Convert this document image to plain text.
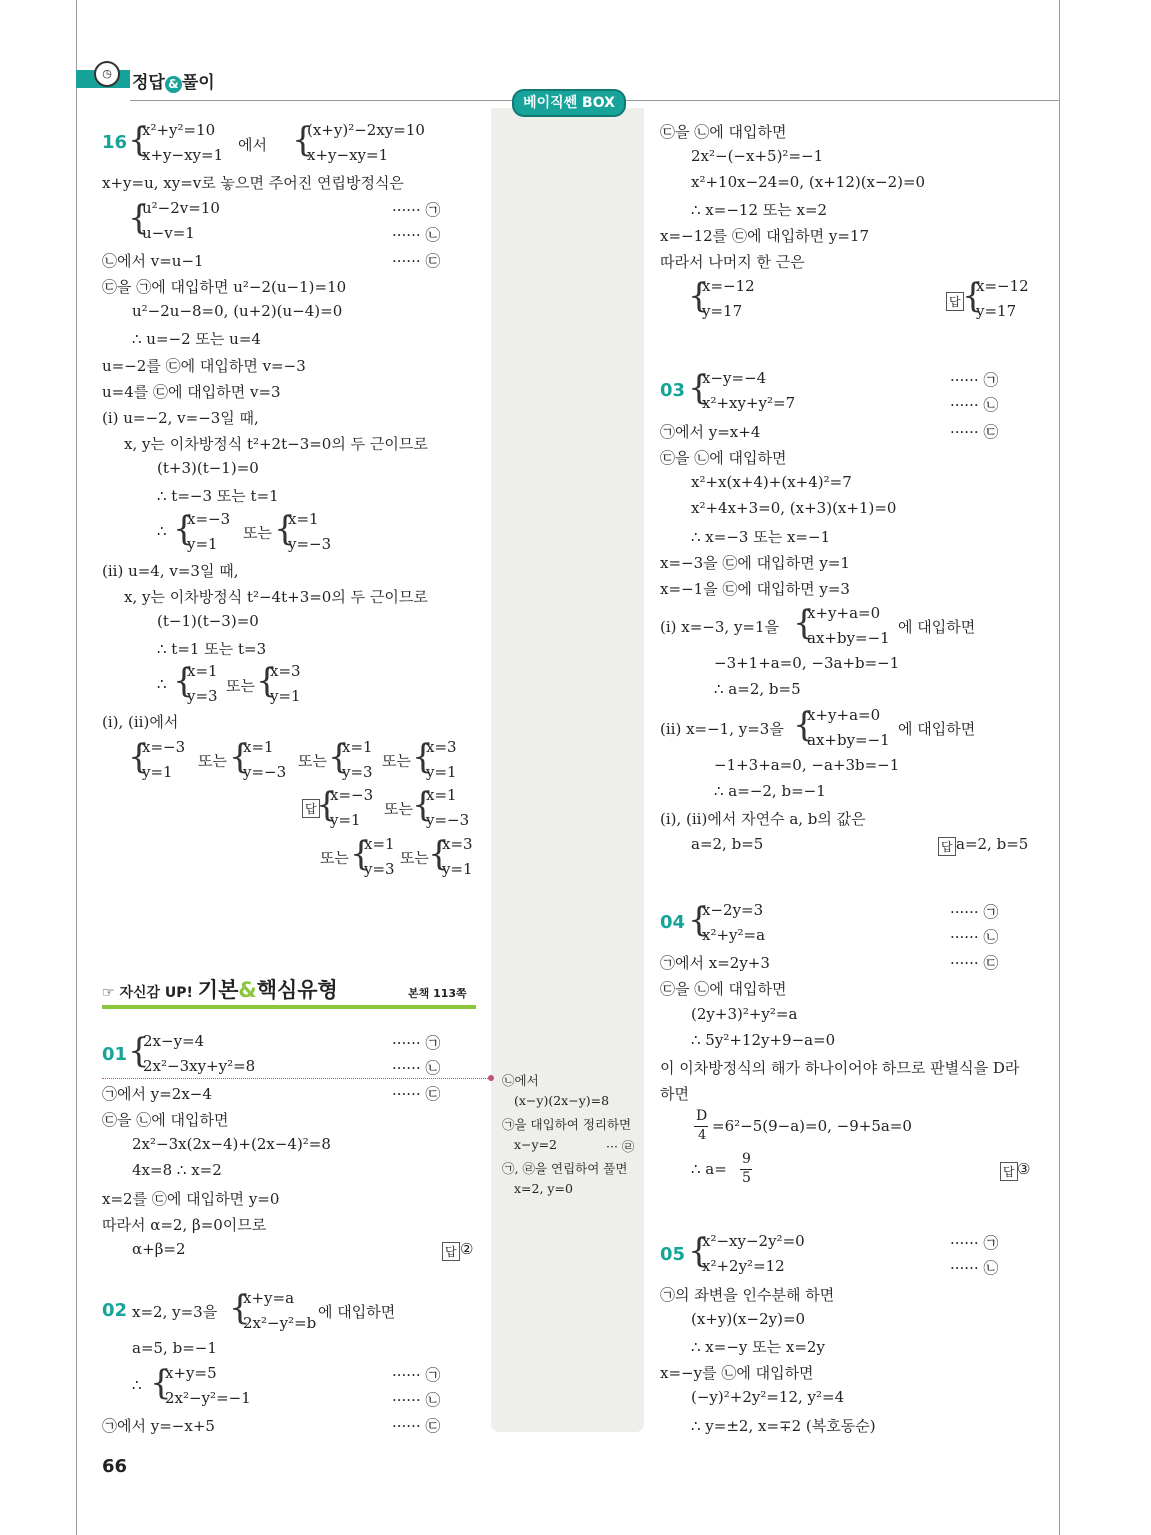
◷	정답 & 풀이
베이직쎈 BOX
16 {
x²+y²=10
x+y−xy=1
에서 {
(x+y)²−2xy=10
x+y−xy=1
x+y=u, xy=v로 놓으면 주어진 연립방정식은
{
u²−2v=10	······ ㉠
u−v=1	······ ㉡
㉡에서 v=u−1	······ ㉢
㉢을 ㉠에 대입하면 u²−2(u−1)=10
u²−2u−8=0, (u+2)(u−4)=0
∴ u=−2 또는 u=4
u=−2를 ㉢에 대입하면 v=−3
u=4를 ㉢에 대입하면 v=3
(i) u=−2, v=−3일 때,
x, y는 이차방정식 t²+2t−3=0의 두 근이므로
(t+3)(t−1)=0
∴ t=−3 또는 t=1
∴ {
x=−3
y=1
또는 {
x=1
y=−3
(ii) u=4, v=3일 때,
x, y는 이차방정식 t²−4t+3=0의 두 근이므로
(t−1)(t−3)=0
∴ t=1 또는 t=3
∴ {
x=1
y=3
또는 {
x=3
y=1
(i), (ii)에서
{
x=−3
y=1
또는 {
x=1
y=−3
또는 {
x=1
y=3
또는 {
x=3
y=1
답 {
x=−3
y=1
또는 {
x=1
y=−3
또는 {
x=1
y=3
또는 {
x=3
y=1
☞ 자신감 UP! 기본&핵심유형	본책 113쪽
01 {
2x−y=4	······ ㉠
2x²−3xy+y²=8	······ ㉡
㉠에서 y=2x−4	······ ㉢
㉢을 ㉡에 대입하면
2x²−3x(2x−4)+(2x−4)²=8
4x=8 ∴ x=2
x=2를 ㉢에 대입하면 y=0
따라서 α=2, β=0이므로
α+β=2	답 ②
02 x=2, y=3을 {
x+y=a
2x²−y²=b
에 대입하면
a=5, b=−1
∴ {
x+y=5	······ ㉠
2x²−y²=−1	······ ㉡
㉠에서 y=−x+5	······ ㉢
㉡에서
(x−y)(2x−y)=8
㉠을 대입하여 정리하면
x−y=2	··· ㉣
㉠, ㉣을 연립하여 풀면
x=2, y=0
㉢을 ㉡에 대입하면
2x²−(−x+5)²=−1
x²+10x−24=0, (x+12)(x−2)=0
∴ x=−12 또는 x=2
x=−12를 ㉢에 대입하면 y=17
따라서 나머지 한 근은
{
x=−12
y=17	답 {
x=−12
y=17
03 {
x−y=−4	······ ㉠
x²+xy+y²=7	······ ㉡
㉠에서 y=x+4	······ ㉢
㉢을 ㉡에 대입하면
x²+x(x+4)+(x+4)²=7
x²+4x+3=0, (x+3)(x+1)=0
∴ x=−3 또는 x=−1
x=−3을 ㉢에 대입하면 y=1
x=−1을 ㉢에 대입하면 y=3
(i) x=−3, y=1을 {
x+y+a=0
ax+by=−1
에 대입하면
−3+1+a=0, −3a+b=−1
∴ a=2, b=5
(ii) x=−1, y=3을 {
x+y+a=0
ax+by=−1
에 대입하면
−1+3+a=0, −a+3b=−1
∴ a=−2, b=−1
(i), (ii)에서 자연수 a, b의 값은
a=2, b=5	답 a=2, b=5
04 {
x−2y=3	······ ㉠
x²+y²=a	······ ㉡
㉠에서 x=2y+3	······ ㉢
㉢을 ㉡에 대입하면
(2y+3)²+y²=a
∴ 5y²+12y+9−a=0
이 이차방정식의 해가 하나이어야 하므로 판별식을 D라
하면
D
4
=6²−5(9−a)=0, −9+5a=0
∴ a=
9
5	답 ③
05 {
x²−xy−2y²=0	······ ㉠
x²+2y²=12	······ ㉡
㉠의 좌변을 인수분해 하면
(x+y)(x−2y)=0
∴ x=−y 또는 x=2y
x=−y를 ㉡에 대입하면
(−y)²+2y²=12, y²=4
∴ y=±2, x=∓2 (복호동순)
66
